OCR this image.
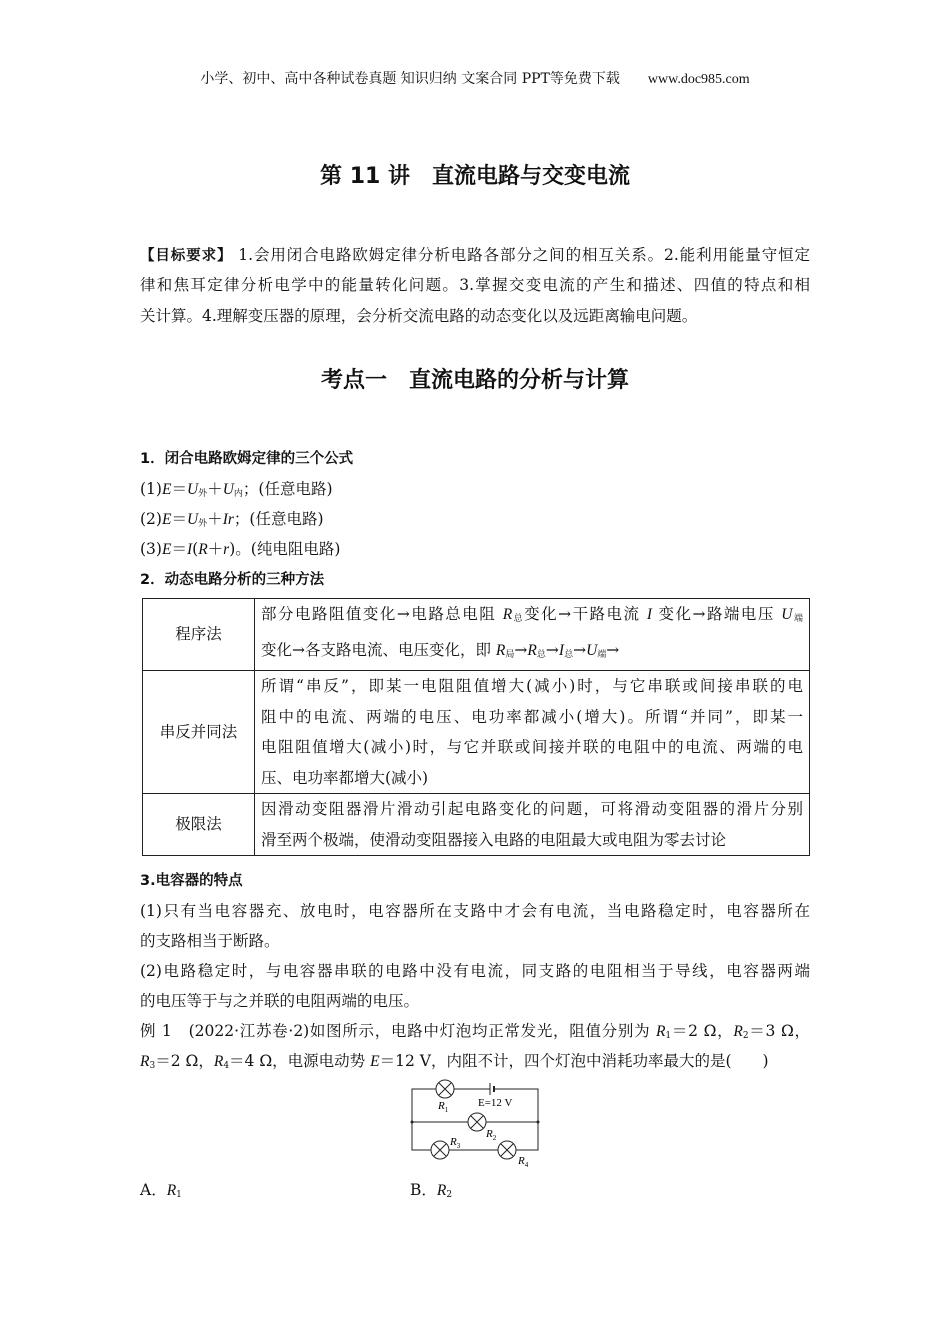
小学、初中、高中各种试卷真题 知识归纳 文案合同 PPT等免费下载 www.doc985.com
第 11 讲　直流电路与交变电流
【目标要求】 1.会用闭合电路欧姆定律分析电路各部分之间的相互关系。2.能利用能量守恒定
律和焦耳定律分析电学中的能量转化问题。3.掌握交变电流的产生和描述、四值的特点和相
关计算。4.理解变压器的原理，会分析交流电路的动态变化以及远距离输电问题。
考点一　直流电路的分析与计算
1．闭合电路欧姆定律的三个公式
$(1)E=U_外+U_内$；(任意电路)
$(2)E=U_外+Ir$；(任意电路)
(3)E＝I(R＋r)。(纯电阻电路)
2．动态电路分析的三种方法
程序法	部分电路阻值变化→电路总电阻 $R_总$变化→干路电流 I 变化→路端电压 $U_端$
变化→各支路电流、电压变化，即 $R_局\to R_总\to I_总\to U_端\to$

串反并同法	所谓“串反”，即某一电阻阻值增大(减小)时，与它串联或间接串联的电
阻中的电流、两端的电压、电功率都减小(增大)。所谓“并同”，即某一
电阻阻值增大(减小)时，与它并联或间接并联的电阻中的电流、两端的电
压、电功率都增大(减小)

极限法	因滑动变阻器滑片滑动引起电路变化的问题，可将滑动变阻器的滑片分别
滑至两个极端，使滑动变阻器接入电路的电阻最大或电阻为零去讨论
3.电容器的特点
(1)只有当电容器充、放电时，电容器所在支路中才会有电流，当电路稳定时，电容器所在
的支路相当于断路。
(2)电路稳定时，与电容器串联的电路中没有电流，同支路的电阻相当于导线，电容器两端
的电压等于与之并联的电阻两端的电压。
例 1　(2022·江苏卷·2)如图所示，电路中灯泡均正常发光，阻值分别为 $R_1=2$ Ω，$R_2=3$ Ω，
$R_3=2$ Ω，$R_4=4$ Ω，电源电动势 E＝12 V，内阻不计，四个灯泡中消耗功率最大的是(　　)
E=12 V
$R_1$
$R_2$
$R_3$
$R_4$
A．$R_1$	B．$R_2$
